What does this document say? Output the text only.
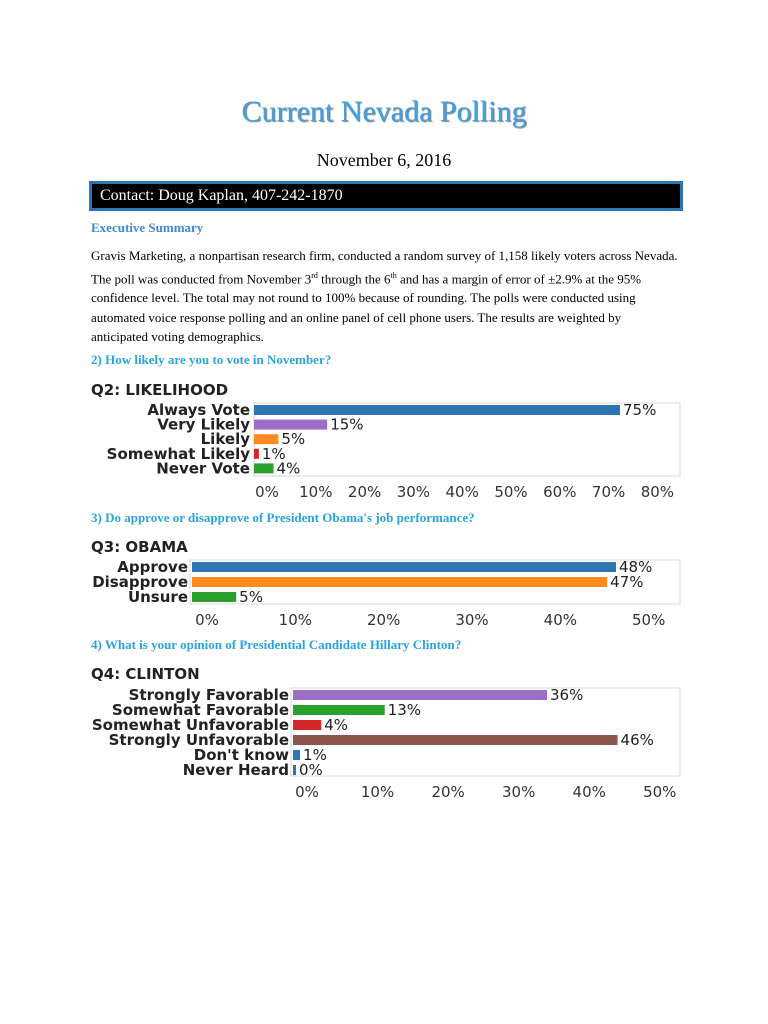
Current Nevada Polling
November 6, 2016
Contact: Doug Kaplan, 407-242-1870
Executive Summary
Gravis Marketing, a nonpartisan research firm, conducted a random survey of 1,158 likely voters across Nevada. The poll was conducted from November 3rd through the 6th and has a margin of error of ±2.9% at the 95% confidence level. The total may not round to 100% because of rounding. The polls were conducted using automated voice response polling and an online panel of cell phone users. The results are weighted by anticipated voting demographics.
2) How likely are you to vote in November?
Q2: LIKELIHOOD
Always Vote	75%
Very Likely	15%
Likely 5%
Somewhat Likely 1%
Never Vote 4%
0% 10% 20% 30% 40% 50% 60% 70% 80%
3) Do approve or disapprove of President Obama's job performance?
Q3: OBAMA
Approve	48%
Disapprove	47%
Unsure	5%
0%	10%	20%	30%	40%	50%
4) What is your opinion of Presidential Candidate Hillary Clinton?
Q4: CLINTON
Strongly Favorable	36%
Somewhat Favorable	13%
Somewhat Unfavorable 4%
Strongly Unfavorable	46%
Don't know 1%
Never Heard 0%
0%	10% 20% 30% 40% 50%
